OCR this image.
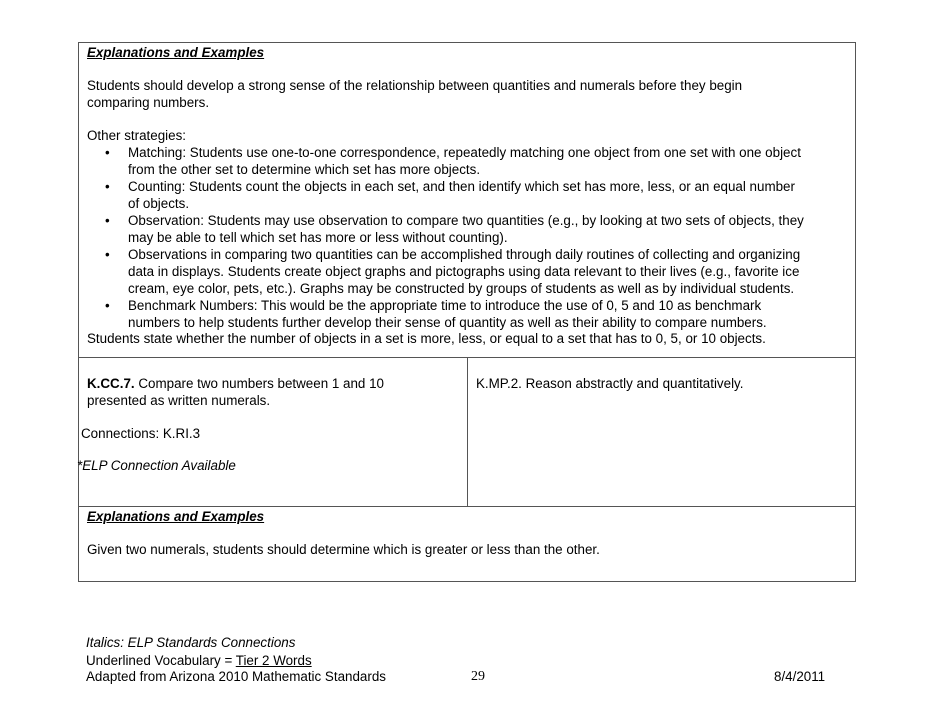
Explanations and Examples
Students should develop a strong sense of the relationship between quantities and numerals before they begin
comparing numbers.
Other strategies:
• Matching: Students use one-to-one correspondence, repeatedly matching one object from one set with one object
from the other set to determine which set has more objects.
• Counting: Students count the objects in each set, and then identify which set has more, less, or an equal number
of objects.
• Observation: Students may use observation to compare two quantities (e.g., by looking at two sets of objects, they
may be able to tell which set has more or less without counting).
• Observations in comparing two quantities can be accomplished through daily routines of collecting and organizing
data in displays. Students create object graphs and pictographs using data relevant to their lives (e.g., favorite ice
cream, eye color, pets, etc.). Graphs may be constructed by groups of students as well as by individual students.
• Benchmark Numbers: This would be the appropriate time to introduce the use of 0, 5 and 10 as benchmark
numbers to help students further develop their sense of quantity as well as their ability to compare numbers.
Students state whether the number of objects in a set is more, less, or equal to a set that has to 0, 5, or 10 objects.
K.CC.7. Compare two numbers between 1 and 10
presented as written numerals.
Connections: K.RI.3
*ELP Connection Available
K.MP.2. Reason abstractly and quantitatively.
Explanations and Examples
Given two numerals, students should determine which is greater or less than the other.
Italics: ELP Standards Connections
Underlined Vocabulary = Tier 2 Words
Adapted from Arizona 2010 Mathematic Standards	29	8/4/2011
